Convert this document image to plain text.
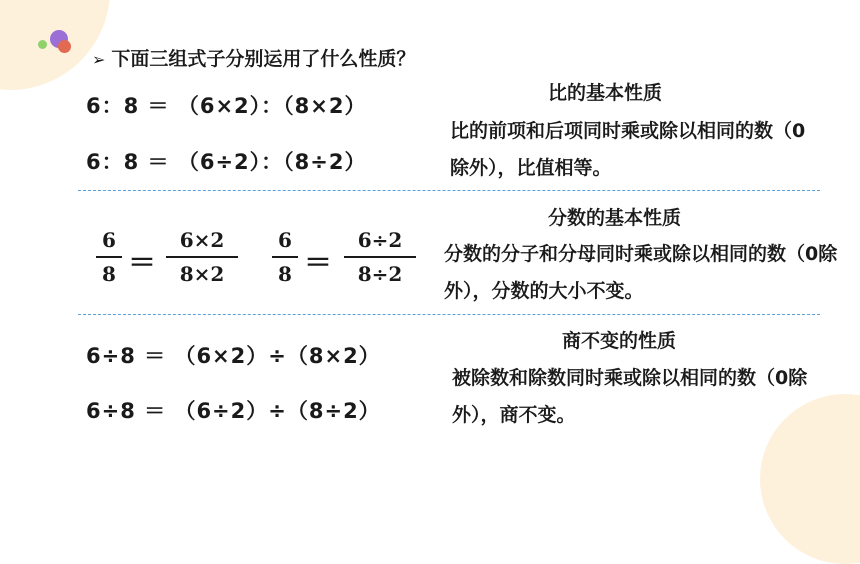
➢ 下面三组式子分别运用了什么性质？
6：8 ＝ （6×2）：（8×2）
6：8 ＝ （6÷2）：（8÷2）
比的基本性质
比的前项和后项同时乘或除以相同的数（0除外），比值相等。
6
8 ＝
6×2
8×2
6
8 ＝
6÷2
8÷2
分数的基本性质
分数的分子和分母同时乘或除以相同的数（0除外），分数的大小不变。
6÷8 ＝ （6×2）÷（8×2）
6÷8 ＝ （6÷2）÷（8÷2）
商不变的性质
被除数和除数同时乘或除以相同的数（0除外），商不变。
